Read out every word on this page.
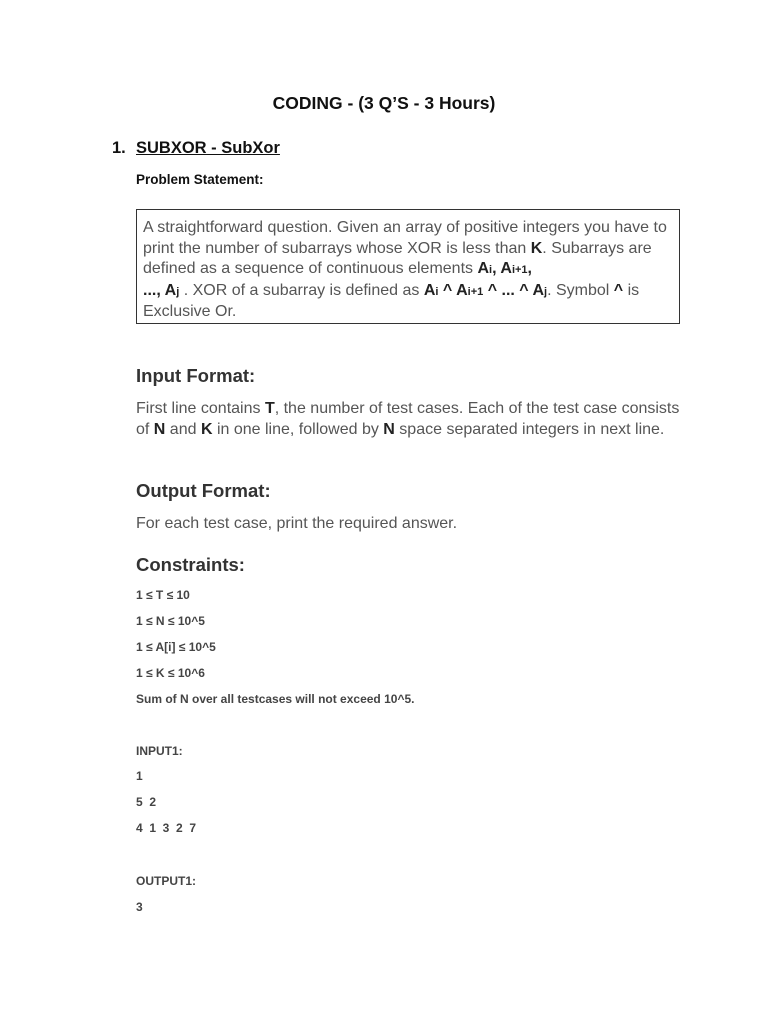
CODING - (3 Q’S - 3 Hours)
1. SUBXOR - SubXor
Problem Statement:
A straightforward question. Given an array of positive integers you have to print the number of subarrays whose XOR is less than K. Subarrays are defined as a sequence of continuous elements Ai, Ai+1,
..., Aj . XOR of a subarray is defined as Ai ^ Ai+1 ^ ... ^ Aj. Symbol ^ is Exclusive Or.
Input Format:
First line contains T, the number of test cases. Each of the test case consists of N and K in one line, followed by N space separated integers in next line.
Output Format:
For each test case, print the required answer.
Constraints:
1 ≤ T ≤ 10
1 ≤ N ≤ 10^5
1 ≤ A[i] ≤ 10^5
1 ≤ K ≤ 10^6
Sum of N over all testcases will not exceed 10^5.
INPUT1:
1
5  2
4  1  3  2  7
OUTPUT1:
3
